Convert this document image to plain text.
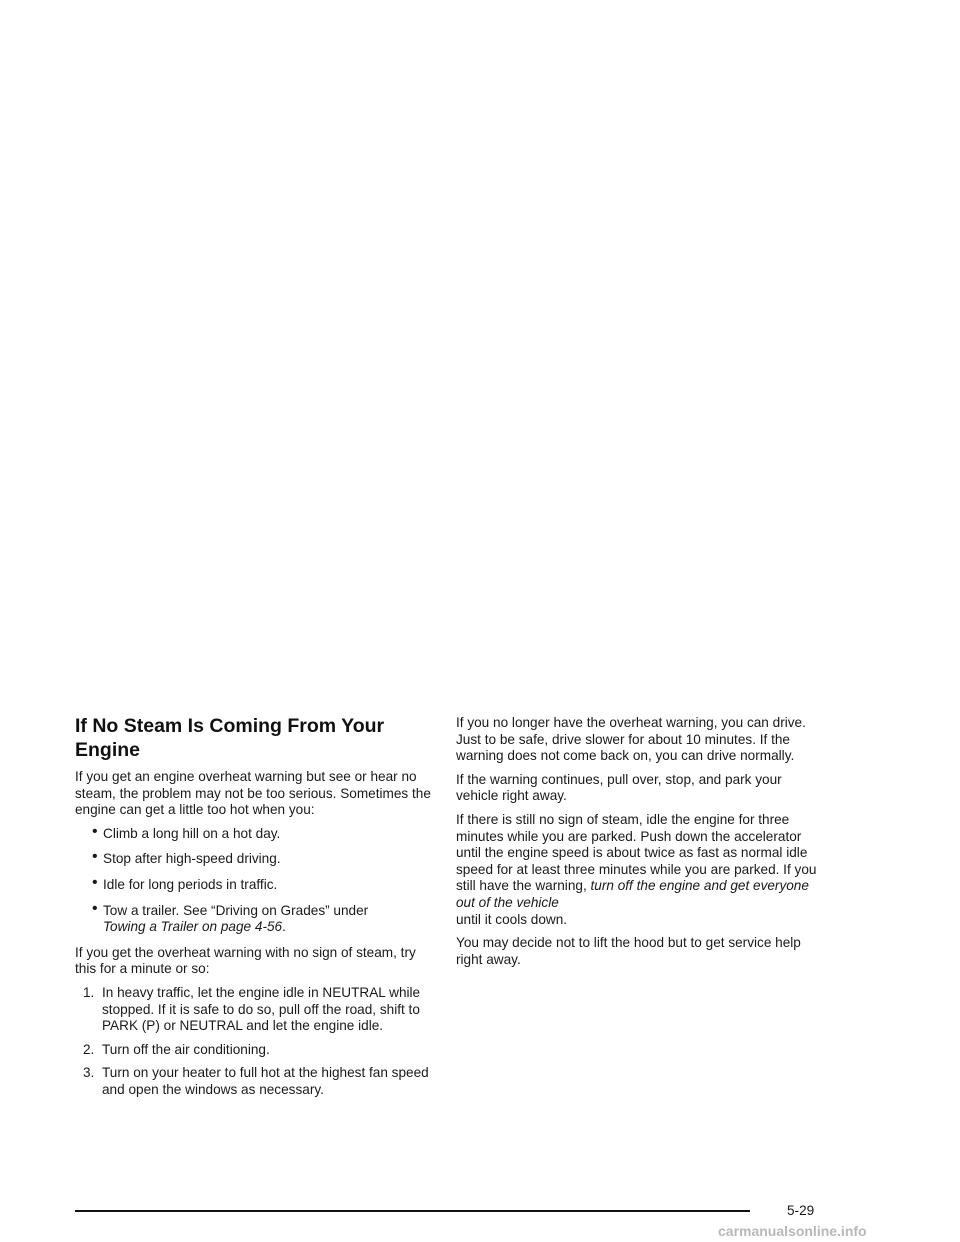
If No Steam Is Coming From Your Engine

If you get an engine overheat warning but see or hear no steam, the problem may not be too serious. Sometimes the engine can get a little too hot when you:

• Climb a long hill on a hot day.
• Stop after high-speed driving.
• Idle for long periods in traffic.
• Tow a trailer. See “Driving on Grades” under
Towing a Trailer on page 4-56.

If you get the overheat warning with no sign of steam, try this for a minute or so:

1. In heavy traffic, let the engine idle in NEUTRAL while stopped. If it is safe to do so, pull off the road, shift to PARK (P) or NEUTRAL and let the engine idle.
2. Turn off the air conditioning.
3. Turn on your heater to full hot at the highest fan speed and open the windows as necessary.

If you no longer have the overheat warning, you can drive. Just to be safe, drive slower for about 10 minutes. If the warning does not come back on, you can drive normally.

If the warning continues, pull over, stop, and park your vehicle right away.

If there is still no sign of steam, idle the engine for three minutes while you are parked. Push down the accelerator until the engine speed is about twice as fast as normal idle speed for at least three minutes while you are parked. If you still have the warning, turn off the engine and get everyone out of the vehicle
until it cools down.

You may decide not to lift the hood but to get service help right away.

5-29
carmanualsonline.info
